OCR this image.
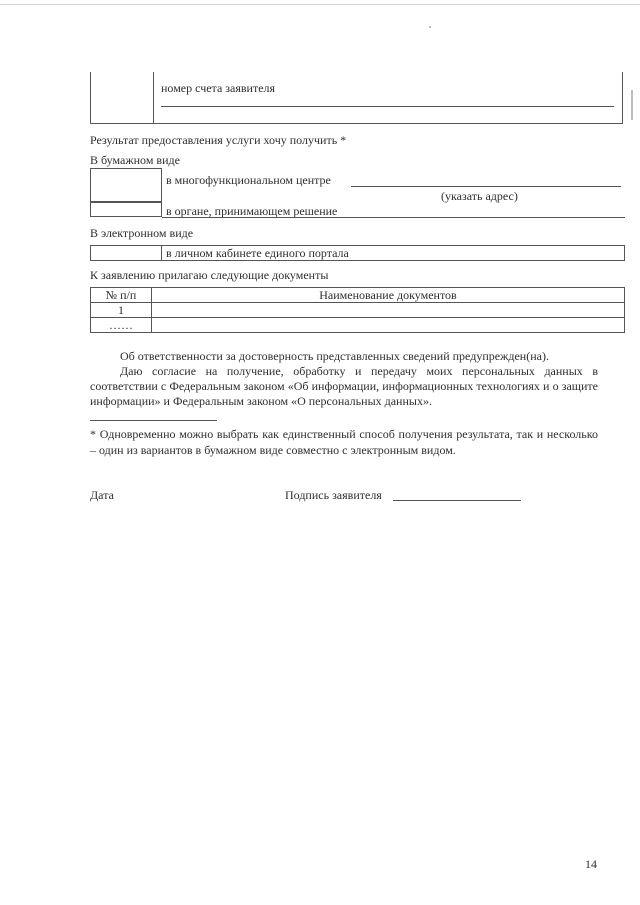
номер счета заявителя
Результат предоставления услуги хочу получить *
В бумажном виде
в многофункциональном центре
(указать адрес)
в органе, принимающем решение
В электронном виде
в личном кабинете единого портала
К заявлению прилагаю следующие документы
№ п/п	Наименование документов
1	
……	
Об ответственности за достоверность представленных сведений предупрежден(на).
Даю согласие на получение, обработку и передачу моих персональных данных в соответствии с Федеральным законом «Об информации, информационных технологиях и о защите информации» и Федеральным законом «О персональных данных».
* Одновременно можно выбрать как единственный способ получения результата, так и несколько – один из вариантов в бумажном виде совместно с электронным видом.
Дата	Подпись заявителя
14
